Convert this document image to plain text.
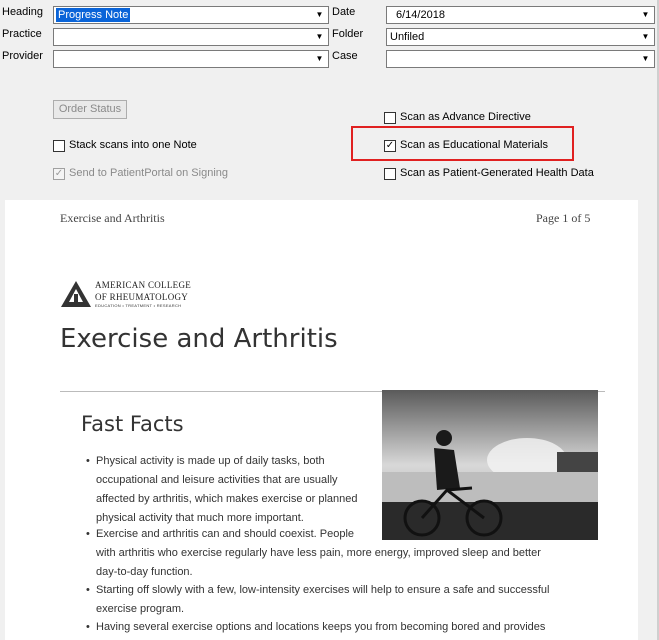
Heading Progress Note	▼
Practice	▼
Provider	▼
Date	6/14/2018	▼
Folder Unfiled	▼
Case	▼
Order Status
Stack scans into one Note
✓ Send to PatientPortal on Signing
Scan as Advance Directive
✓ Scan as Educational Materials
Scan as Patient-Generated Health Data
Exercise and Arthritis	Page 1 of 5
AMERICAN COLLEGE
OF RHEUMATOLOGY
EDUCATION • TREATMENT • RESEARCH
Exercise and Arthritis
Fast Facts
• Physical activity is made up of daily tasks, both
occupational and leisure activities that are usually
affected by arthritis, which makes exercise or planned
physical activity that much more important.
• Exercise and arthritis can and should coexist. People
with arthritis who exercise regularly have less pain, more energy, improved sleep and better
day-to-day function.
• Starting off slowly with a few, low-intensity exercises will help to ensure a safe and successful
exercise program.
• Having several exercise options and locations keeps you from becoming bored and provides
